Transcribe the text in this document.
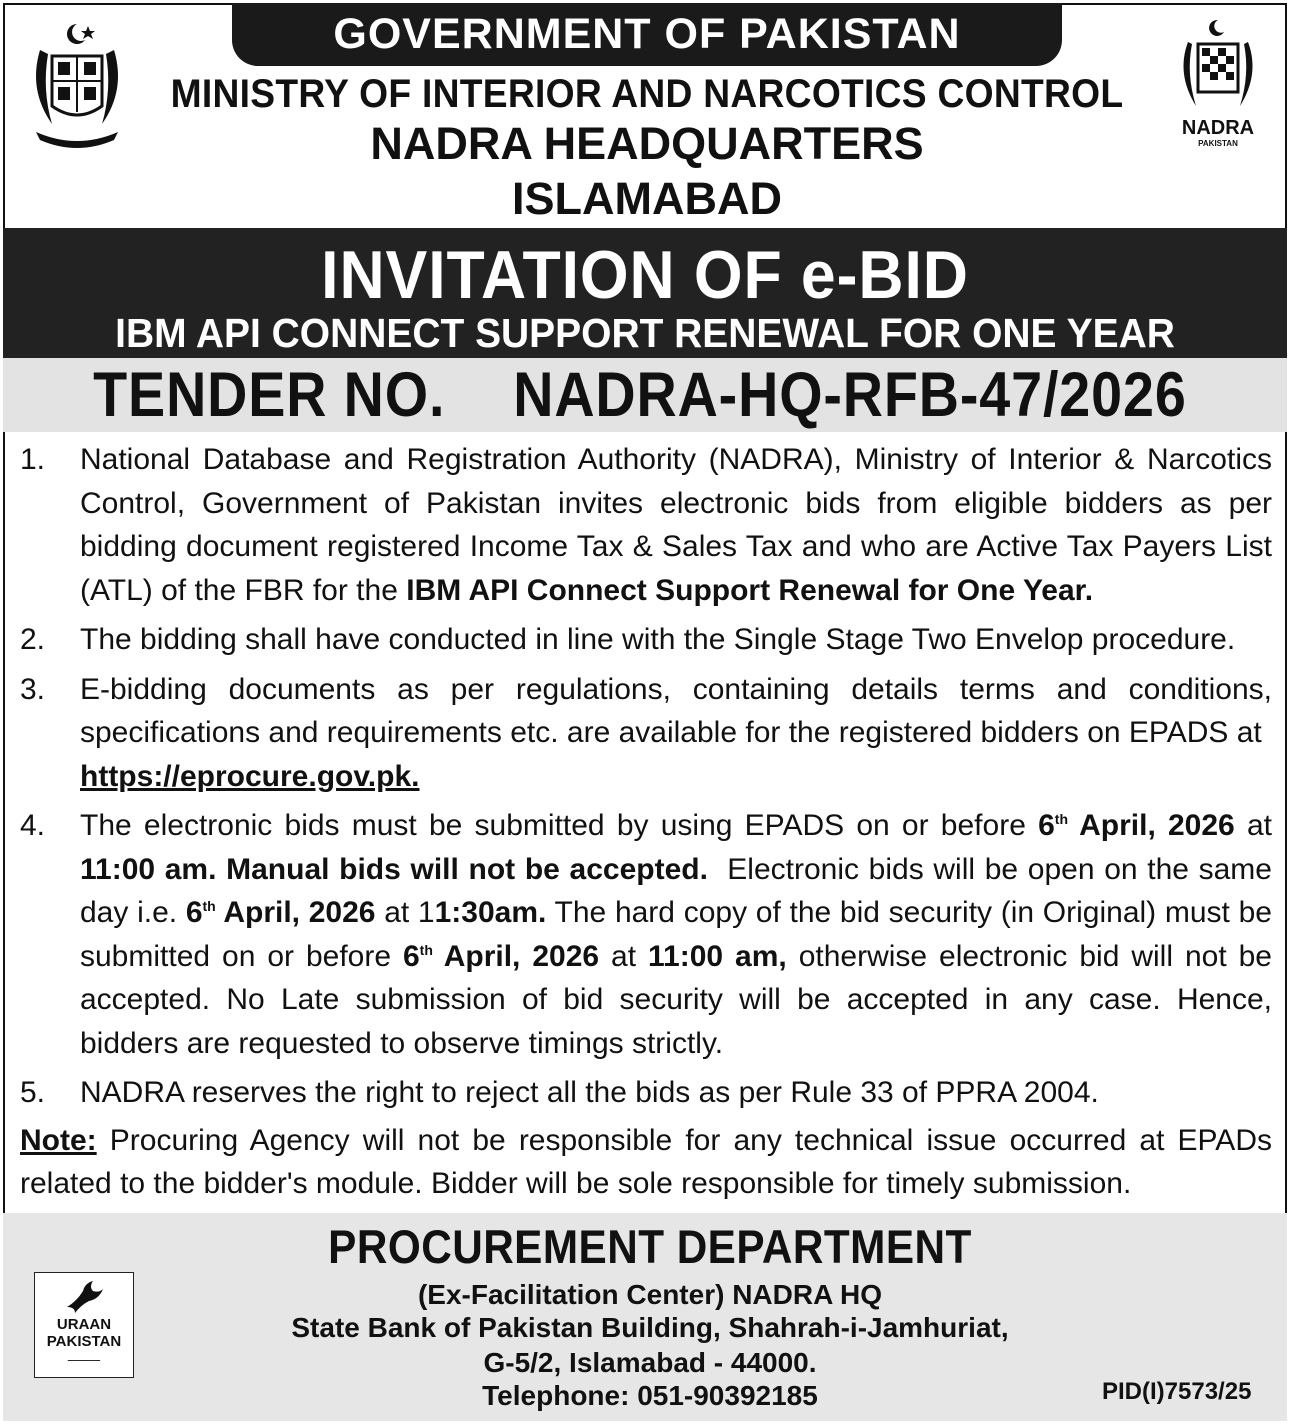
GOVERNMENT OF PAKISTAN
MINISTRY OF INTERIOR AND NARCOTICS CONTROL
NADRA HEADQUARTERS
ISLAMABAD
NADRA
PAKISTAN
INVITATION OF e-BID
IBM API CONNECT SUPPORT RENEWAL FOR ONE YEAR
TENDER NO. NADRA-HQ-RFB-47/2026
1.	National Database and Registration Authority (NADRA), Ministry of Interior & Narcotics Control, Government of Pakistan invites electronic bids from eligible bidders as per bidding document registered Income Tax & Sales Tax and who are Active Tax Payers List (ATL) of the FBR for the IBM API Connect Support Renewal for One Year.
2.	The bidding shall have conducted in line with the Single Stage Two Envelop procedure.
3.	E-bidding documents as per regulations, containing details terms and conditions, specifications and requirements etc. are available for the registered bidders on EPADS at
https://eprocure.gov.pk.
4.	The electronic bids must be submitted by using EPADS on or before 6th April, 2026 at 11:00 am. Manual bids will not be accepted. Electronic bids will be open on the same day i.e. 6th April, 2026 at 11:30am. The hard copy of the bid security (in Original) must be submitted on or before 6th April, 2026 at 11:00 am, otherwise electronic bid will not be accepted. No Late submission of bid security will be accepted in any case. Hence, bidders are requested to observe timings strictly.
5.	NADRA reserves the right to reject all the bids as per Rule 33 of PPRA 2004.
Note: Procuring Agency will not be responsible for any technical issue occurred at EPADs related to the bidder's module. Bidder will be sole responsible for timely submission.
PROCUREMENT DEPARTMENT
(Ex-Facilitation Center) NADRA HQ
State Bank of Pakistan Building, Shahrah-i-Jamhuriat,
G-5/2, Islamabad - 44000.
Telephone: 051-90392185
URAAN
PAKISTAN
ـــــــــــ
PID(I)7573/25
